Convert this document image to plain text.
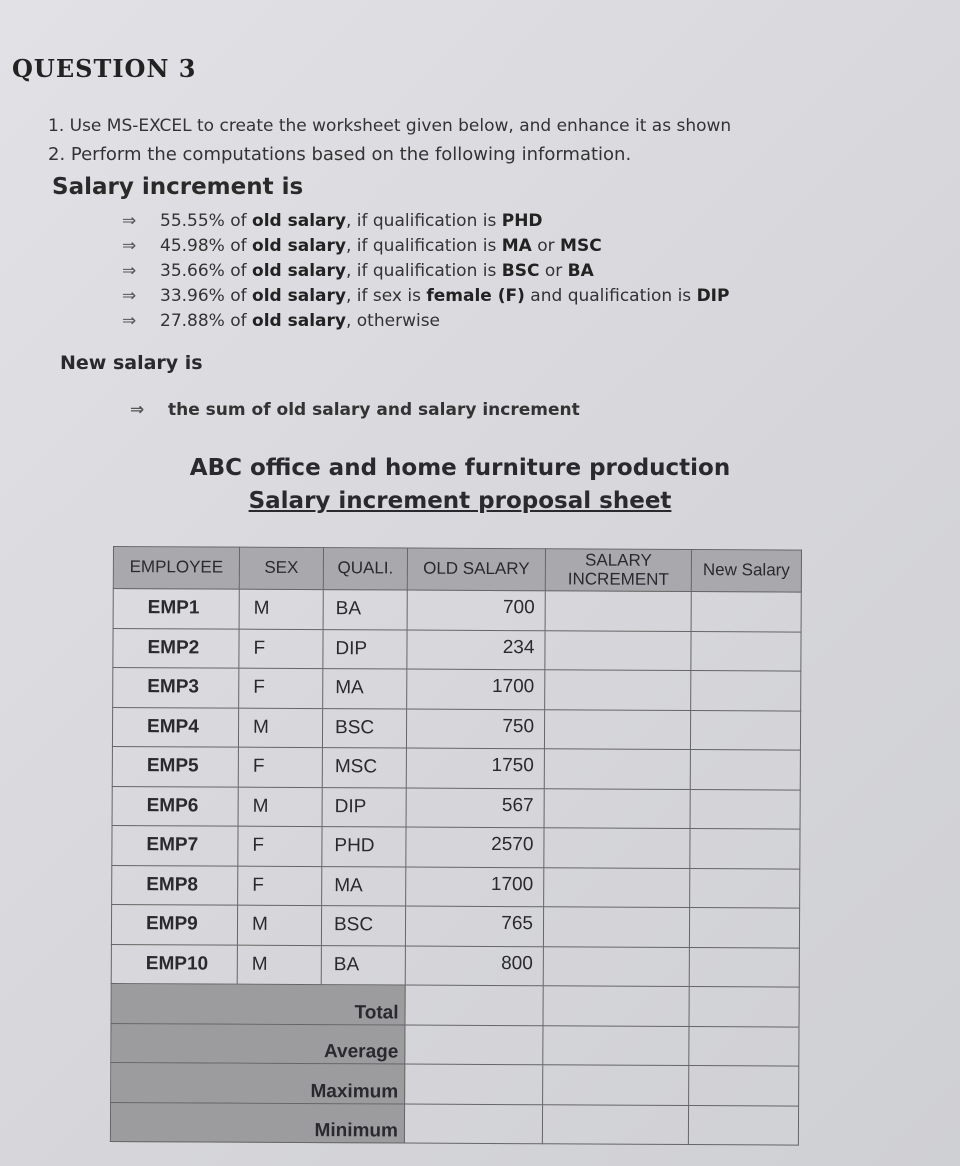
QUESTION 3
1. Use MS-EXCEL to create the worksheet given below, and enhance it as shown
2. Perform the computations based on the following information.
Salary increment is
⇒ 55.55% of old salary, if qualification is PHD
⇒ 45.98% of old salary, if qualification is MA or MSC
⇒ 35.66% of old salary, if qualification is BSC or BA
⇒ 33.96% of old salary, if sex is female (F) and qualification is DIP
⇒ 27.88% of old salary, otherwise
New salary is
⇒ the sum of old salary and salary increment
ABC office and home furniture production
Salary increment proposal sheet
EMPLOYEE	SEX	QUALI.	OLD SALARY	SALARY INCREMENT	New Salary
EMP1	M	BA	700		
EMP2	F	DIP	234		
EMP3	F	MA	1700		
EMP4	M	BSC	750		
EMP5	F	MSC	1750		
EMP6	M	DIP	567		
EMP7	F	PHD	2570		
EMP8	F	MA	1700		
EMP9	M	BSC	765		
EMP10	M	BA	800		
Total					
Average					
Maximum					
Minimum					
